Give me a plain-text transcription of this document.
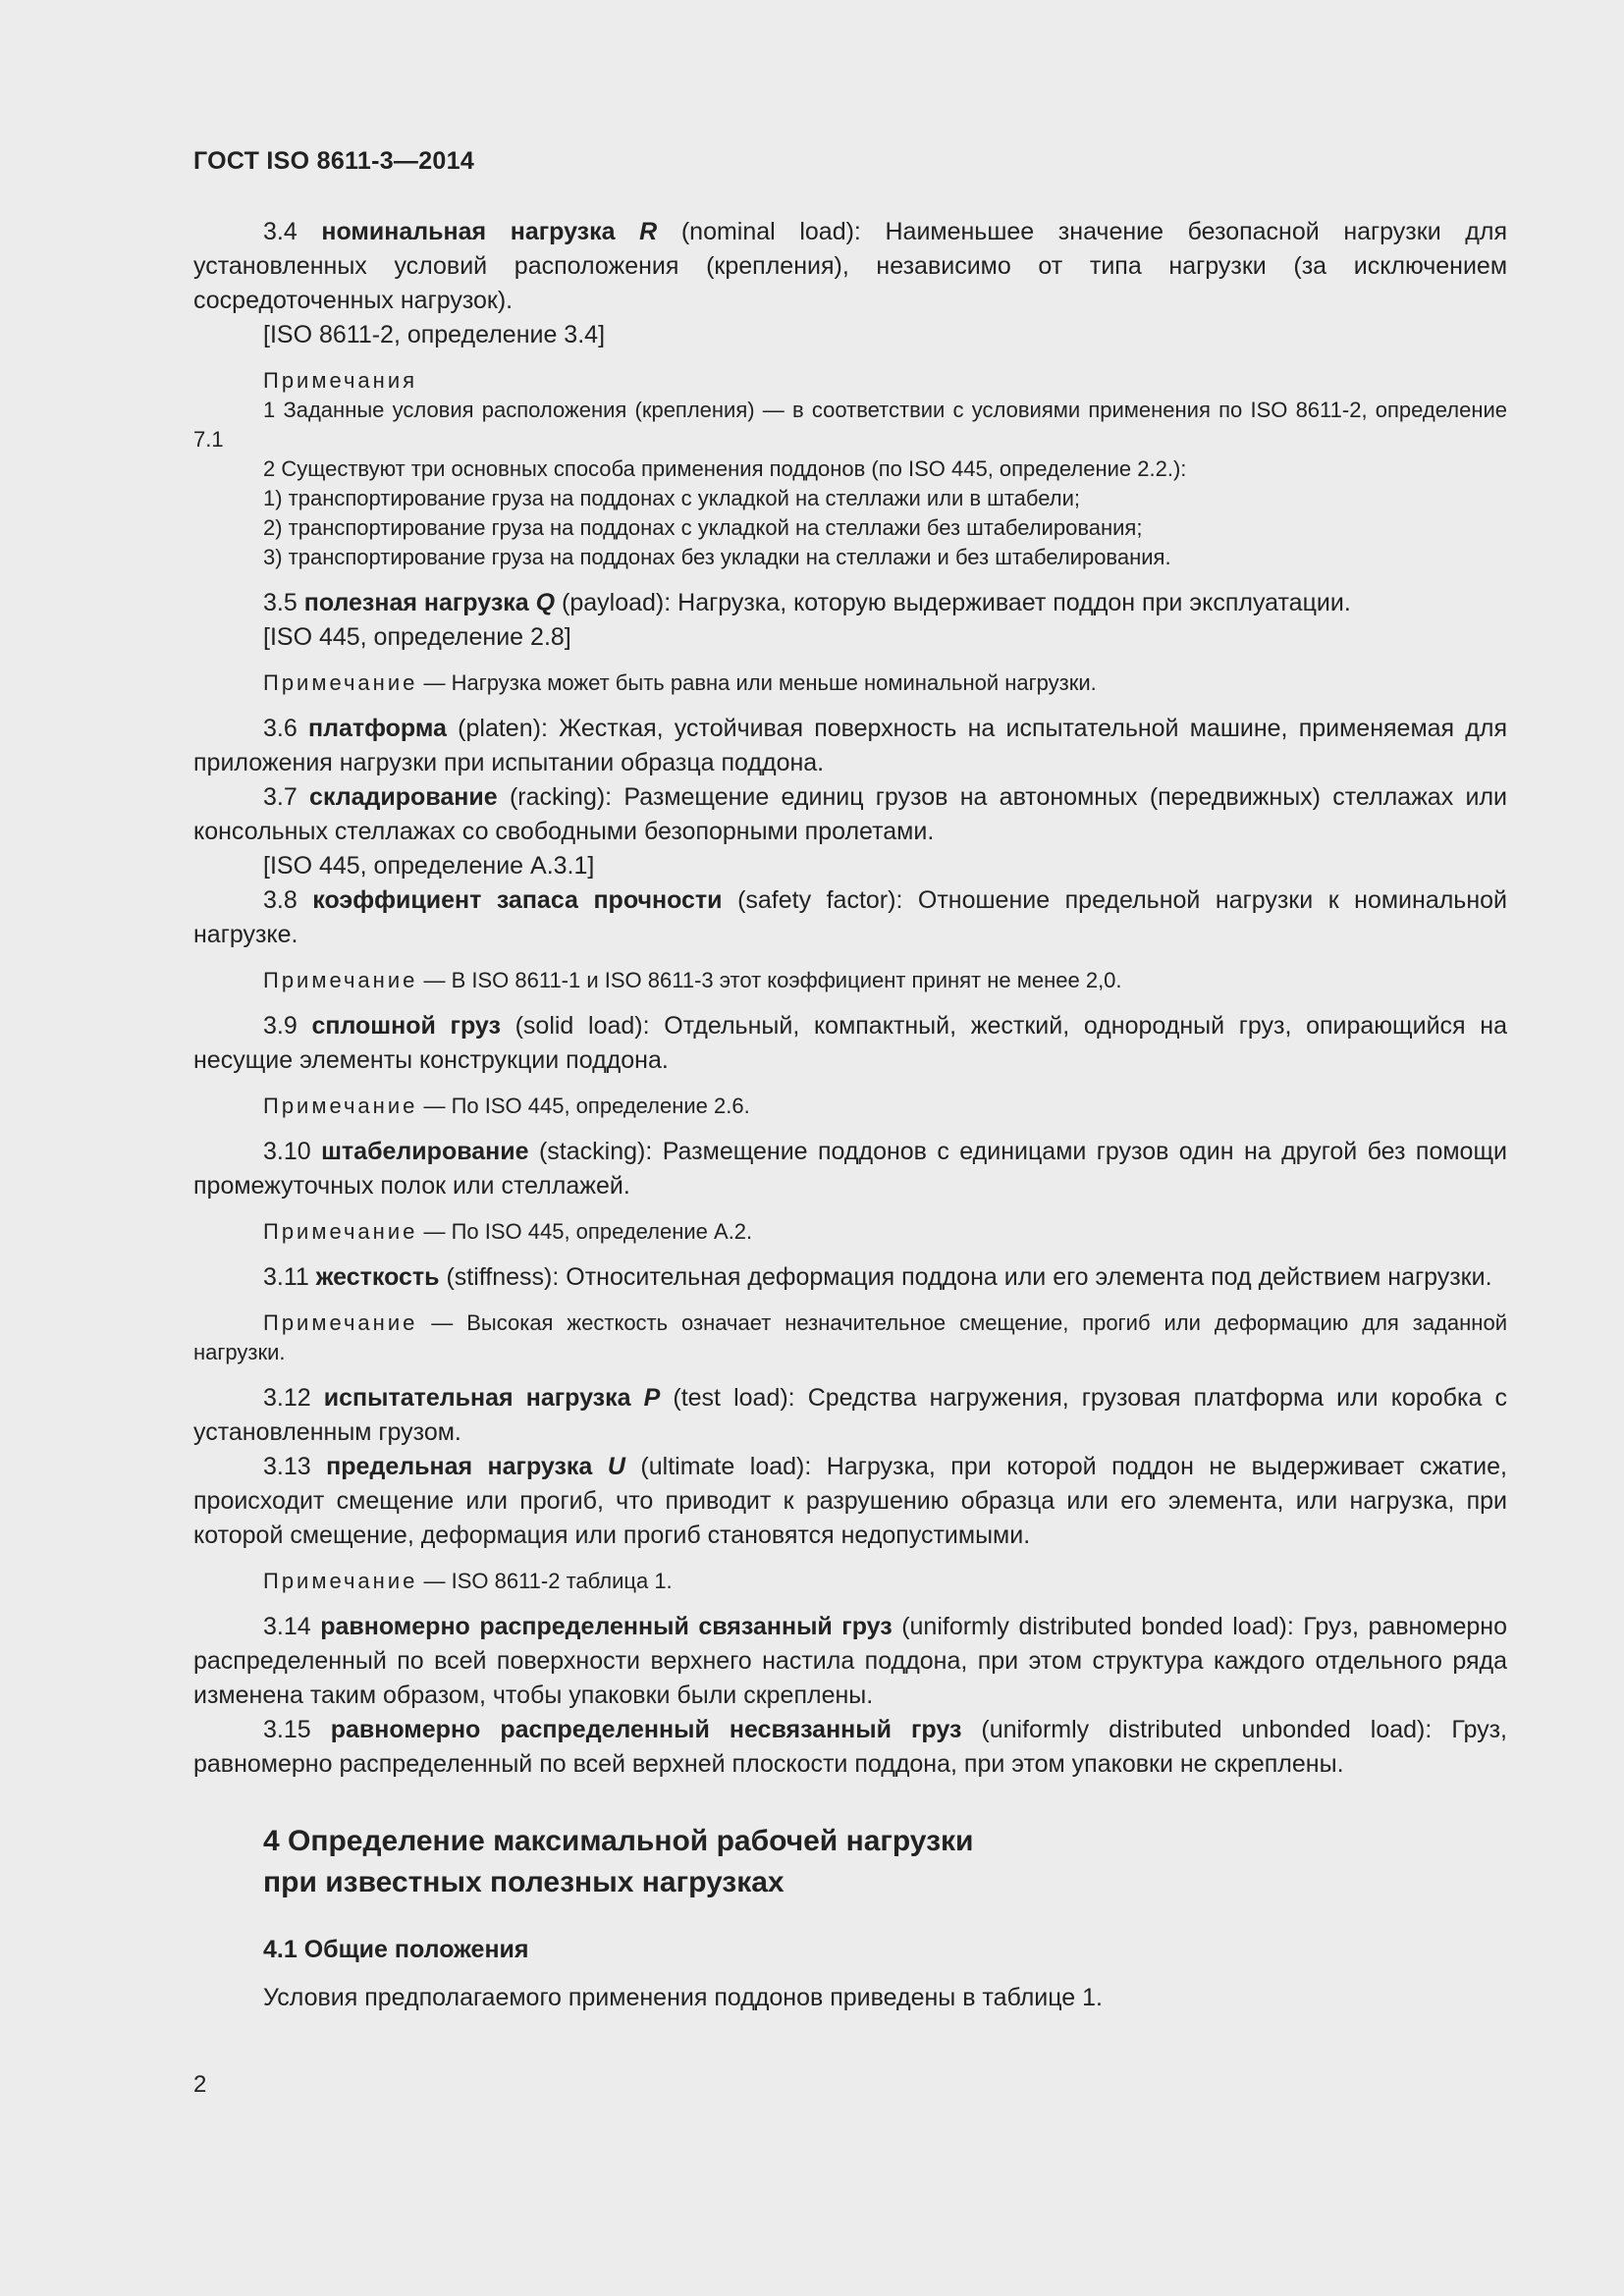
ГОСТ ISO 8611-3—2014

3.4 номинальная нагрузка R (nominal load): Наименьшее значение безопасной нагрузки для установленных условий расположения (крепления), независимо от типа нагрузки (за исключением сосредоточенных нагрузок).

[ISO 8611-2, определение 3.4]

Примечания

1 Заданные условия расположения (крепления) — в соответствии с условиями применения по ISO 8611-2, определение 7.1

2 Существуют три основных способа применения поддонов (по ISO 445, определение 2.2.):

1) транспортирование груза на поддонах с укладкой на стеллажи или в штабели;

2) транспортирование груза на поддонах с укладкой на стеллажи без штабелирования;

3) транспортирование груза на поддонах без укладки на стеллажи и без штабелирования.

3.5 полезная нагрузка Q (payload): Нагрузка, которую выдерживает поддон при эксплуатации.

[ISO 445, определение 2.8]

Примечание — Нагрузка может быть равна или меньше номинальной нагрузки.

3.6 платформа (platen): Жесткая, устойчивая поверхность на испытательной машине, применяемая для приложения нагрузки при испытании образца поддона.

3.7 складирование (racking): Размещение единиц грузов на автономных (передвижных) стеллажах или консольных стеллажах со свободными безопорными пролетами.

[ISO 445, определение А.3.1]

3.8 коэффициент запаса прочности (safety factor): Отношение предельной нагрузки к номинальной нагрузке.

Примечание — В ISO 8611-1 и ISO 8611-3 этот коэффициент принят не менее 2,0.

3.9 сплошной груз (solid load): Отдельный, компактный, жесткий, однородный груз, опирающийся на несущие элементы конструкции поддона.

Примечание — По ISO 445, определение 2.6.

3.10 штабелирование (stacking): Размещение поддонов с единицами грузов один на другой без помощи промежуточных полок или стеллажей.

Примечание — По ISO 445, определение А.2.

3.11 жесткость (stiffness): Относительная деформация поддона или его элемента под действием нагрузки.

Примечание — Высокая жесткость означает незначительное смещение, прогиб или деформацию для заданной нагрузки.

3.12 испытательная нагрузка P (test load): Средства нагружения, грузовая платформа или коробка с установленным грузом.

3.13 предельная нагрузка U (ultimate load): Нагрузка, при которой поддон не выдерживает сжатие, происходит смещение или прогиб, что приводит к разрушению образца или его элемента, или нагрузка, при которой смещение, деформация или прогиб становятся недопустимыми.

Примечание — ISO 8611-2 таблица 1.

3.14 равномерно распределенный связанный груз (uniformly distributed bonded load): Груз, равномерно распределенный по всей поверхности верхнего настила поддона, при этом структура каждого отдельного ряда изменена таким образом, чтобы упаковки были скреплены.

3.15 равномерно распределенный несвязанный груз (uniformly distributed unbonded load): Груз, равномерно распределенный по всей верхней плоскости поддона, при этом упаковки не скреплены.

4 Определение максимальной рабочей нагрузки
при известных полезных нагрузках
4.1 Общие положения

Условия предполагаемого применения поддонов приведены в таблице 1.

2
